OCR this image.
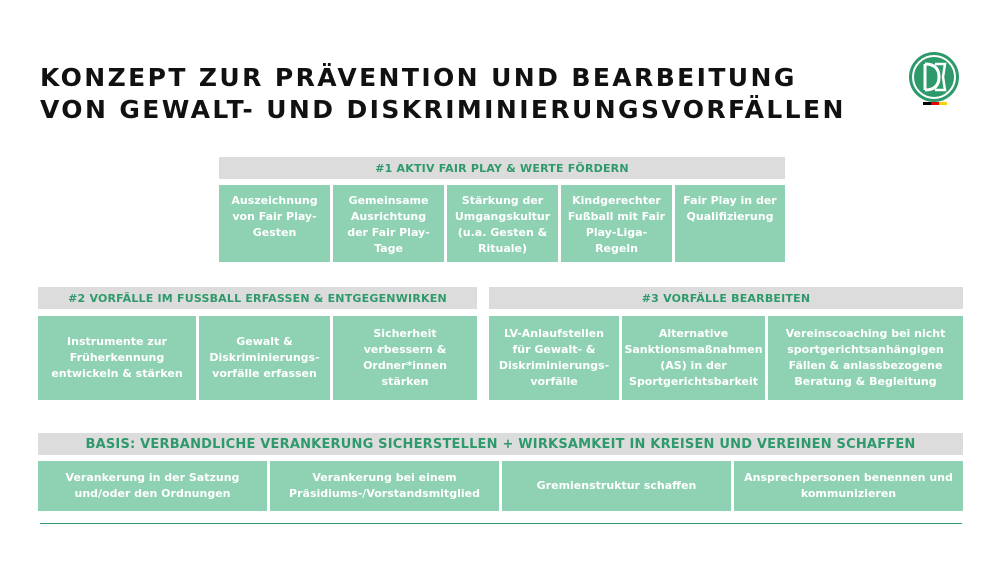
KONZEPT ZUR PRÄVENTION UND BEARBEITUNG
VON GEWALT- UND DISKRIMINIERUNGSVORFÄLLEN
#1 AKTIV FAIR PLAY & WERTE FÖRDERN
Auszeichnung von Fair Play-Gesten
Gemeinsame Ausrichtung der Fair Play-Tage
Stärkung der Umgangskultur (u.a. Gesten & Rituale)
Kindgerechter Fußball mit Fair Play-Liga-Regeln
Fair Play in der Qualifizierung
#2 VORFÄLLE IM FUSSBALL ERFASSEN & ENTGEGENWIRKEN
Instrumente zur Früherkennung entwickeln & stärken
Gewalt & Diskriminierungs-vorfälle erfassen
Sicherheit verbessern & Ordner*innen stärken
#3 VORFÄLLE BEARBEITEN
LV-Anlaufstellen für Gewalt- & Diskriminierungs-vorfälle
Alternative Sanktionsmaßnahmen (AS) in der Sportgerichtsbarkeit
Vereinscoaching bei nicht sportgerichtsanhängigen Fällen & anlassbezogene Beratung & Begleitung
BASIS: VERBANDLICHE VERANKERUNG SICHERSTELLEN + WIRKSAMKEIT IN KREISEN UND VEREINEN SCHAFFEN
Verankerung in der Satzung und/oder den Ordnungen
Verankerung bei einem Präsidiums-/Vorstandsmitglied
Gremienstruktur schaffen
Ansprechpersonen benennen und kommunizieren
